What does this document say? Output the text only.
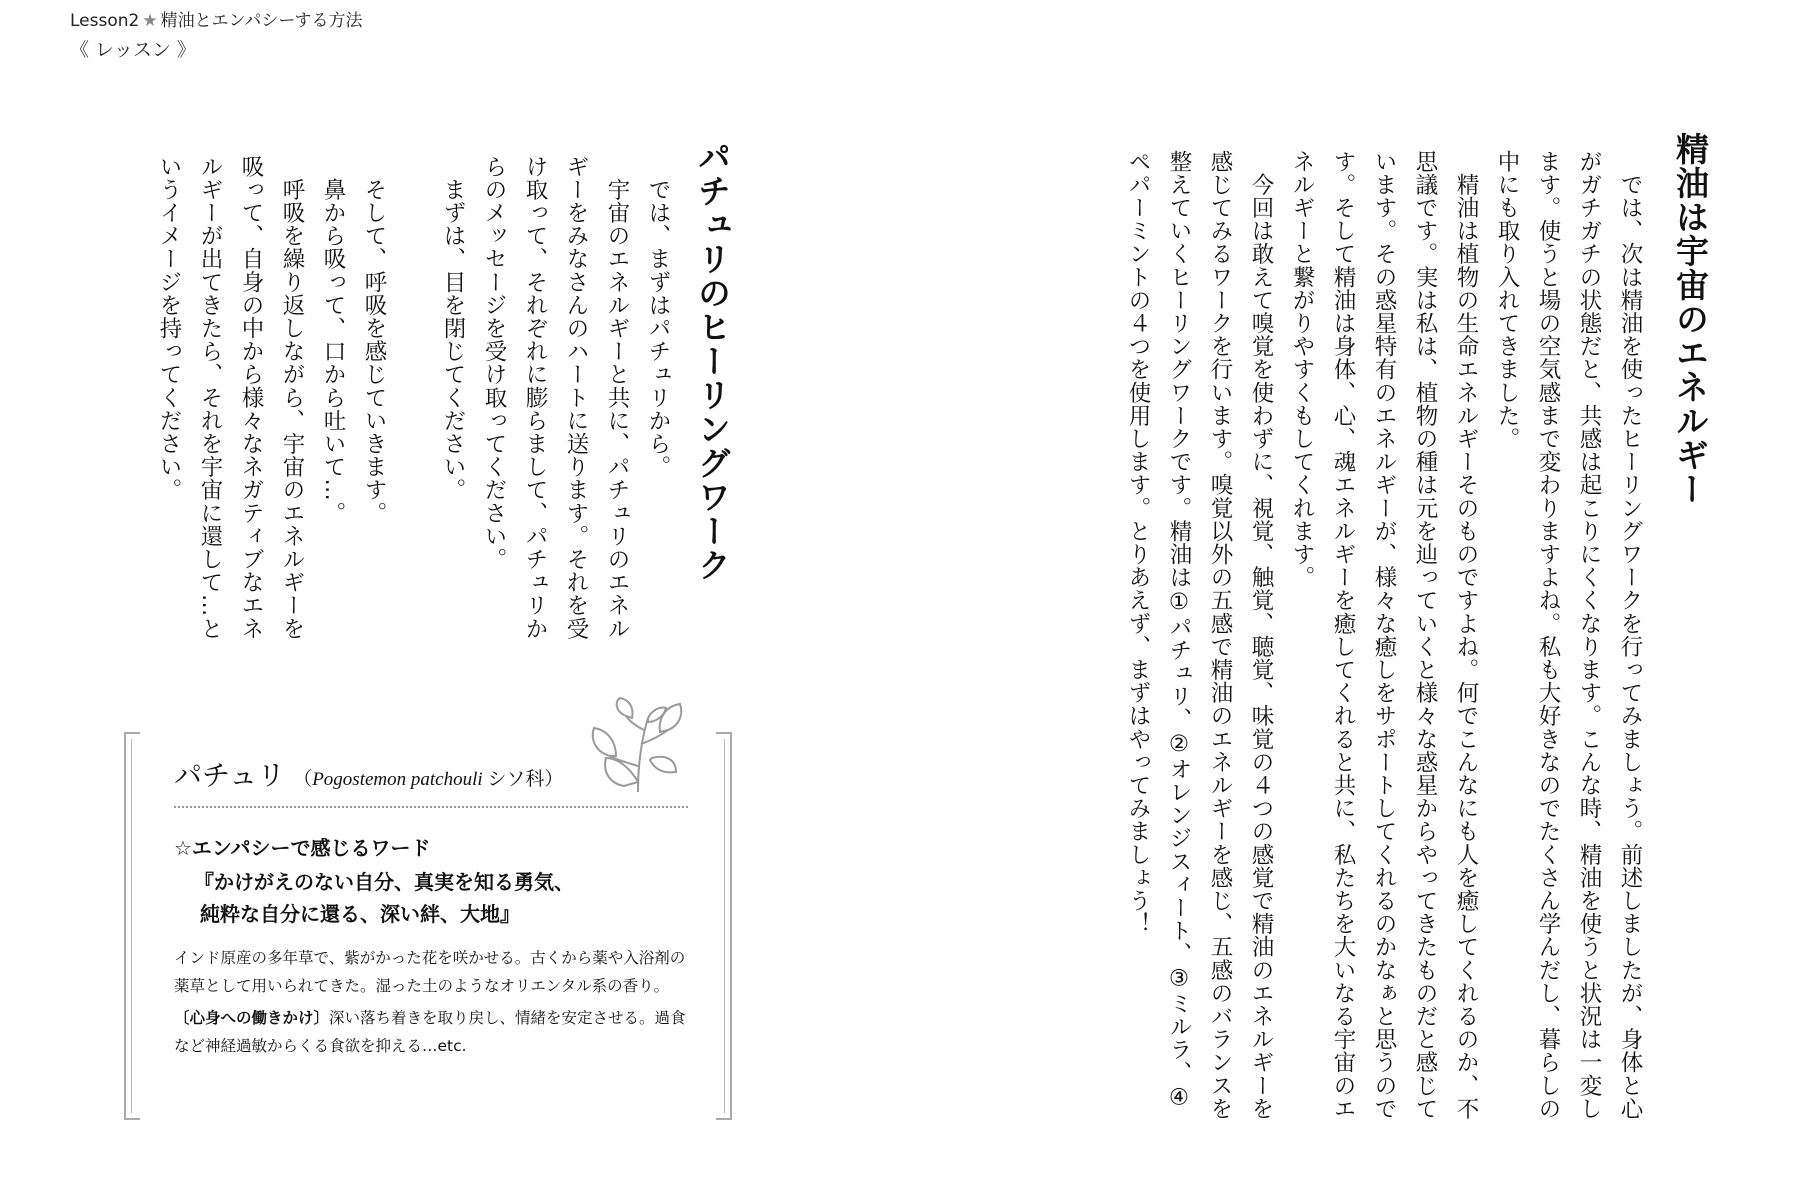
Lesson2 ★ 精油とエンパシーする方法
《 レッスン 》
精油は宇宙のエネルギー

　では、次は精油を使ったヒーリングワークを行ってみましょう。前述しましたが、身体と心がガチガチの状態だと、共感は起こりにくくなります。こんな時、精油を使うと状況は一変します。使うと場の空気感まで変わりますよね。私も大好きなのでたくさん学んだし、暮らしの中にも取り入れてきました。

　精油は植物の生命エネルギーそのものですよね。何でこんなにも人を癒してくれるのか、不思議です。実は私は、植物の種は元を辿っていくと様々な惑星からやってきたものだと感じています。その惑星特有のエネルギーが、様々な癒しをサポートしてくれるのかなぁと思うのです。そして精油は身体、心、魂エネルギーを癒してくれると共に、私たちを大いなる宇宙のエネルギーと繋がりやすくもしてくれます。

　今回は敢えて嗅覚を使わずに、視覚、触覚、聴覚、味覚の４つの感覚で精油のエネルギーを感じてみるワークを行います。嗅覚以外の五感で精油のエネルギーを感じ、五感のバランスを整えていくヒーリングワークです。精油は①パチュリ、②オレンジスィート、③ミルラ、④ペパーミントの４つを使用します。とりあえず、まずはやってみましょう！

パチュリのヒーリングワーク

　では、まずはパチュリから。

　宇宙のエネルギーと共に、パチュリのエネルギーをみなさんのハートに送ります。それを受け取って、それぞれに膨らまして、パチュリからのメッセージを受け取ってください。

　まずは、目を閉じてください。

　そして、呼吸を感じていきます。

　鼻から吸って、口から吐いて…。

　呼吸を繰り返しながら、宇宙のエネルギーを吸って、自身の中から様々なネガティブなエネルギーが出てきたら、それを宇宙に還して…というイメージを持ってください。

パチュリ （Pogostemon patchouli シソ科）
☆エンパシーで感じるワード
『かけがえのない自分、真実を知る勇気、
純粋な自分に還る、深い絆、大地』

インド原産の多年草で、紫がかった花を咲かせる。古くから薬や入浴剤の薬草として用いられてきた。湿った土のようなオリエンタル系の香り。

〔心身への働きかけ〕深い落ち着きを取り戻し、情緒を安定させる。過食など神経過敏からくる食欲を抑える…etc.
